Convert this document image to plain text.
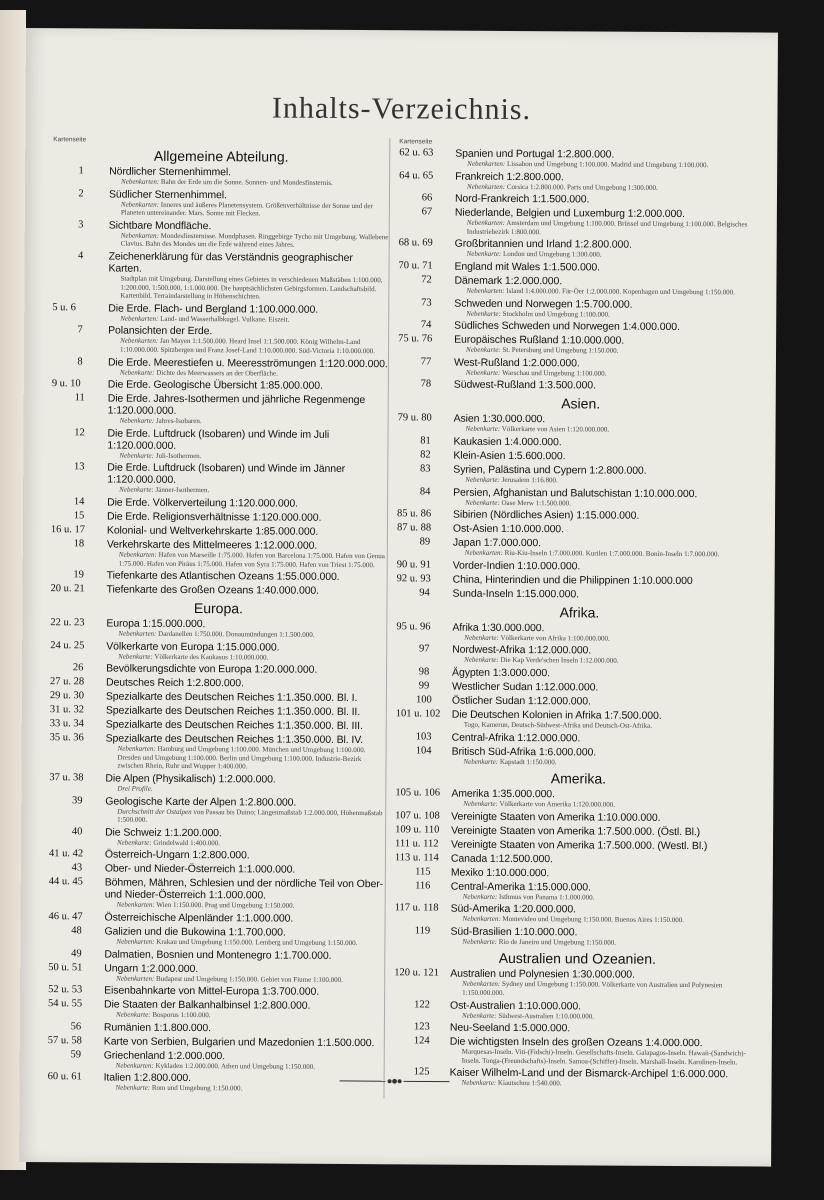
Inhalts-Verzeichnis.
Kartenseite
Allgemeine Abteilung.
1	Nördlicher Sternenhimmel.
Nebenkarten: Bahn der Erde um die Sonne. Sonnen- und Mondesfinsternis.
2	Südlicher Sternenhimmel.
Nebenkarten: Inneres und äußeres Planetensystem. Größenverhältnisse der Sonne und der Planeten untereinander. Mars. Sonne mit Flecken.
3	Sichtbare Mondfläche.
Nebenkarten: Mondesfinsternisse. Mondphasen. Ringgebirge Tycho mit Umgebung. Wallebene Clavius. Bahn des Mondes um die Erde während eines Jahres.
4	Zeichenerklärung für das Verständnis geographischer Karten.
Stadtplan mit Umgebung. Darstellung eines Gebietes in verschiedenen Maßstäben 1:100.000, 1:200.000, 1:500.000, 1:1.000.000. Die hauptsächlichsten Gebirgsformen. Landschaftsbild. Kartenbild. Terraindarstellung in Höhenschichten.
5 u. 6	Die Erde. Flach- und Bergland 1:100.000.000.
Nebenkarten: Land- und Wasserhalbkugel. Vulkane. Eiszeit.
7	Polansichten der Erde.
Nebenkarten: Jan Mayen 1:1.500.000. Heard Insel 1:1.500.000. König Wilhelm-Land 1:10.000.000. Spitzbergen und Franz Josef-Land 1:10.000.000. Süd-Victoria 1:10.000.000.
8	Die Erde. Meerestiefen u. Meeresströmungen 1:120.000.000.
Nebenkarte: Dichte des Meerwassers an der Oberfläche.
9 u. 10	Die Erde. Geologische Übersicht 1:85.000.000.
11	Die Erde. Jahres-Isothermen und jährliche Regenmenge 1:120.000.000.
Nebenkarte: Jahres-Isobaren.
12	Die Erde. Luftdruck (Isobaren) und Winde im Juli 1:120.000.000.
Nebenkarte: Juli-Isothermen.
13	Die Erde. Luftdruck (Isobaren) und Winde im Jänner 1:120.000.000.
Nebenkarte: Jänner-Isothermen.
14	Die Erde. Völkerverteilung 1:120.000.000.
15	Die Erde. Religionsverhältnisse 1:120.000.000.
16 u. 17	Kolonial- und Weltverkehrskarte 1:85.000.000.
18	Verkehrskarte des Mittelmeeres 1:12.000.000.
Nebenkarten: Hafen von Marseille 1:75.000. Hafen von Barcelona 1:75.000. Hafen von Genua 1:75.000. Hafen von Piräus 1:75.000. Hafen von Syra 1:75.000. Hafen von Triest 1:75.000.
19	Tiefenkarte des Atlantischen Ozeans 1:55.000.000.
20 u. 21	Tiefenkarte des Großen Ozeans 1:40.000.000.
Europa.
22 u. 23	Europa 1:15.000.000.
Nebenkarten: Dardanellen 1:750.000. Donaumündungen 1:1.500.000.
24 u. 25	Völkerkarte von Europa 1:15.000.000.
Nebenkarte: Völkerkarte des Kaukasus 1:10.000.000.
26	Bevölkerungsdichte von Europa 1:20.000.000.
27 u. 28	Deutsches Reich 1:2.800.000.
29 u. 30	Spezialkarte des Deutschen Reiches 1:1.350.000. Bl. I.
31 u. 32	Spezialkarte des Deutschen Reiches 1:1.350.000. Bl. II.
33 u. 34	Spezialkarte des Deutschen Reiches 1:1.350.000. Bl. III.
35 u. 36	Spezialkarte des Deutschen Reiches 1:1.350.000. Bl. IV.
Nebenkarten: Hamburg und Umgebung 1:100.000. München und Umgebung 1:100.000. Dresden und Umgebung 1:100.000. Berlin und Umgebung 1:100.000. Industrie-Bezirk zwischen Rhein, Ruhr und Wupper 1:400.000.
37 u. 38	Die Alpen (Physikalisch) 1:2.000.000.
Drei Profile.
39	Geologische Karte der Alpen 1:2.800.000.
Durchschnitt der Ostalpen von Passau bis Duino; Längenmaßstab 1:2.000.000, Höhenmaßstab 1:500.000.
40	Die Schweiz 1:1.200.000.
Nebenkarte: Grindelwald 1:400.000.
41 u. 42	Österreich-Ungarn 1:2.800.000.
43	Ober- und Nieder-Österreich 1:1.000.000.
44 u. 45	Böhmen, Mähren, Schlesien und der nördliche Teil von Ober- und Nieder-Österreich 1:1.000.000.
Nebenkarten: Wien 1:150.000. Prag und Umgebung 1:150.000.
46 u. 47	Österreichische Alpenländer 1:1.000.000.
48	Galizien und die Bukowina 1:1.700.000.
Nebenkarten: Krakau und Umgebung 1:150.000. Lemberg und Umgebung 1:150.000.
49	Dalmatien, Bosnien und Montenegro 1:1.700.000.
50 u. 51	Ungarn 1:2.000.000.
Nebenkarten: Budapest und Umgebung 1:150.000. Gebiet von Fiume 1:100.000.
52 u. 53	Eisenbahnkarte von Mittel-Europa 1:3.700.000.
54 u. 55	Die Staaten der Balkanhalbinsel 1:2.800.000.
Nebenkarte: Bosporus 1:100.000.
56	Rumänien 1:1.800.000.
57 u. 58	Karte von Serbien, Bulgarien und Mazedonien 1:1.500.000.
59	Griechenland 1:2.000.000.
Nebenkarten: Kykladen 1:2.000.000. Athen und Umgebung 1:150.000.
60 u. 61	Italien 1:2.800.000.
Nebenkarte: Rom und Umgebung 1:150.000.
Kartenseite
62 u. 63	Spanien und Portugal 1:2.800.000.
Nebenkarten: Lissabon und Umgebung 1:100.000. Madrid und Umgebung 1:100.000.
64 u. 65	Frankreich 1:2.800.000.
Nebenkarten: Corsica 1:2.800.000. Paris und Umgebung 1:300.000.
66	Nord-Frankreich 1:1.500.000.
67	Niederlande, Belgien und Luxemburg 1:2.000.000.
Nebenkarten: Amsterdam und Umgebung 1:100.000. Brüssel und Umgebung 1:100.000. Belgisches Industriebezirk 1:800.000.
68 u. 69	Großbritannien und Irland 1:2.800.000.
Nebenkarte: London und Umgebung 1:300.000.
70 u. 71	England mit Wales 1:1.500.000.
72	Dänemark 1:2.000.000.
Nebenkarten: Island 1:4.000.000. Fär-Öer 1:2.000.000. Kopenhagen und Umgebung 1:150.000.
73	Schweden und Norwegen 1:5.700.000.
Nebenkarte: Stockholm und Umgebung 1:100.000.
74	Südliches Schweden und Norwegen 1:4.000.000.
75 u. 76	Europäisches Rußland 1:10.000.000.
Nebenkarte: St. Petersburg und Umgebung 1:150.000.
77	West-Rußland 1:2.000.000.
Nebenkarte: Warschau und Umgebung 1:100.000.
78	Südwest-Rußland 1:3.500.000.
Asien.
79 u. 80	Asien 1:30.000.000.
Nebenkarte: Völkerkarte von Asien 1:120.000.000.
81	Kaukasien 1:4.000.000.
82	Klein-Asien 1:5.600.000.
83	Syrien, Palästina und Cypern 1:2.800.000.
Nebenkarte: Jerusalem 1:16.800.
84	Persien, Afghanistan und Balutschistan 1:10.000.000.
Nebenkarte: Oase Merw 1:1.500.000.
85 u. 86	Sibirien (Nördliches Asien) 1:15.000.000.
87 u. 88	Ost-Asien 1:10.000.000.
89	Japan 1:7.000.000.
Nebenkarten: Riu-Kiu-Inseln 1:7.000.000. Kurilen 1:7.000.000. Bonin-Inseln 1:7.000.000.
90 u. 91	Vorder-Indien 1:10.000.000.
92 u. 93	China, Hinterindien und die Philippinen 1:10.000.000
94	Sunda-Inseln 1:15.000.000.
Afrika.
95 u. 96	Afrika 1:30.000.000.
Nebenkarte: Völkerkarte von Afrika 1:100.000.000.
97	Nordwest-Afrika 1:12.000.000.
Nebenkarte: Die Kap Verde'schen Inseln 1:12.000.000.
98	Ägypten 1:3.000.000.
99	Westlicher Sudan 1:12.000.000.
100	Östlicher Sudan 1:12.000.000.
101 u. 102	Die Deutschen Kolonien in Afrika 1:7.500.000.
Togo, Kamerun, Deutsch-Südwest-Afrika und Deutsch-Ost-Afrika.
103	Central-Afrika 1:12.000.000.
104	Britisch Süd-Afrika 1:6.000.000.
Nebenkarte: Kapstadt 1:150.000.
Amerika.
105 u. 106	Amerika 1:35.000.000.
Nebenkarte: Völkerkarte von Amerika 1:120.000.000.
107 u. 108	Vereinigte Staaten von Amerika 1:10.000.000.
109 u. 110	Vereinigte Staaten von Amerika 1:7.500.000. (Östl. Bl.)
111 u. 112	Vereinigte Staaten von Amerika 1:7.500.000. (Westl. Bl.)
113 u. 114	Canada 1:12.500.000.
115	Mexiko 1:10.000.000.
116	Central-Amerika 1:15.000.000.
Nebenkarte: Isthmus von Panama 1:1.000.000.
117 u. 118	Süd-Amerika 1:20.000.000.
Nebenkarten: Montevideo und Umgebung 1:150.000. Buenos Aires 1:150.000.
119	Süd-Brasilien 1:10.000.000.
Nebenkarte: Rio de Janeiro und Umgebung 1:150.000.
Australien und Ozeanien.
120 u. 121	Australien und Polynesien 1:30.000.000.
Nebenkarten: Sydney und Umgebung 1:150.000. Völkerkarte von Australien und Polynesien 1:150.000.000.
122	Ost-Australien 1:10.000.000.
Nebenkarte: Südwest-Australien 1:10.000.000.
123	Neu-Seeland 1:5.000.000.
124	Die wichtigsten Inseln des großen Ozeans 1:4.000.000.
Marquesas-Inseln. Viti-(Fidschi)-Inseln. Gesellschafts-Inseln. Galapagos-Inseln. Hawaii-(Sandwich)-Inseln. Tonga-(Freundschafts)-Inseln. Samoa-(Schiffer)-Inseln. Marshall-Inseln. Karolinen-Inseln.
125	Kaiser Wilhelm-Land und der Bismarck-Archipel 1:6.000.000.
Nebenkarte: Kiautschou 1:540.000.
